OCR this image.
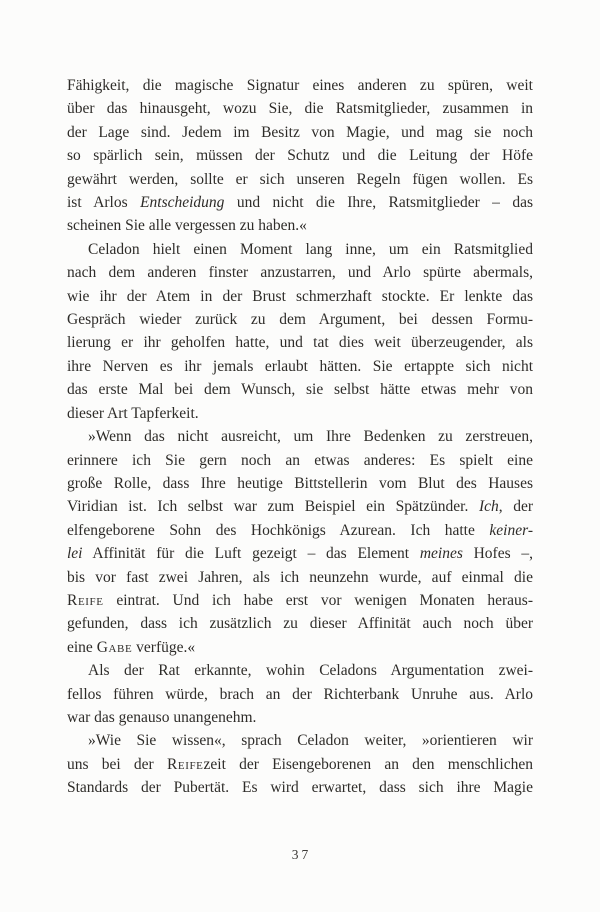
Fähigkeit, die magische Signatur eines anderen zu spüren, weit
über das hinausgeht, wozu Sie, die Ratsmitglieder, zusammen in
der Lage sind. Jedem im Besitz von Magie, und mag sie noch
so spärlich sein, müssen der Schutz und die Leitung der Höfe
gewährt werden, sollte er sich unseren Regeln fügen wollen. Es
ist Arlos Entscheidung und nicht die Ihre, Ratsmitglieder – das
scheinen Sie alle vergessen zu haben.«
Celadon hielt einen Moment lang inne, um ein Ratsmitglied
nach dem anderen finster anzustarren, und Arlo spürte abermals,
wie ihr der Atem in der Brust schmerzhaft stockte. Er lenkte das
Gespräch wieder zurück zu dem Argument, bei dessen Formu-
lierung er ihr geholfen hatte, und tat dies weit überzeugender, als
ihre Nerven es ihr jemals erlaubt hätten. Sie ertappte sich nicht
das erste Mal bei dem Wunsch, sie selbst hätte etwas mehr von
dieser Art Tapferkeit.
»Wenn das nicht ausreicht, um Ihre Bedenken zu zerstreuen,
erinnere ich Sie gern noch an etwas anderes: Es spielt eine
große Rolle, dass Ihre heutige Bittstellerin vom Blut des Hauses
Viridian ist. Ich selbst war zum Beispiel ein Spätzünder. Ich, der
elfengeborene Sohn des Hochkönigs Azurean. Ich hatte keiner-
lei Affinität für die Luft gezeigt – das Element meines Hofes –,
bis vor fast zwei Jahren, als ich neunzehn wurde, auf einmal die
Reife eintrat. Und ich habe erst vor wenigen Monaten heraus-
gefunden, dass ich zusätzlich zu dieser Affinität auch noch über
eine Gabe verfüge.«
Als der Rat erkannte, wohin Celadons Argumentation zwei-
fellos führen würde, brach an der Richterbank Unruhe aus. Arlo
war das genauso unangenehm.
»Wie Sie wissen«, sprach Celadon weiter, »orientieren wir
uns bei der Reifezeit der Eisengeborenen an den menschlichen
Standards der Pubertät. Es wird erwartet, dass sich ihre Magie
37
